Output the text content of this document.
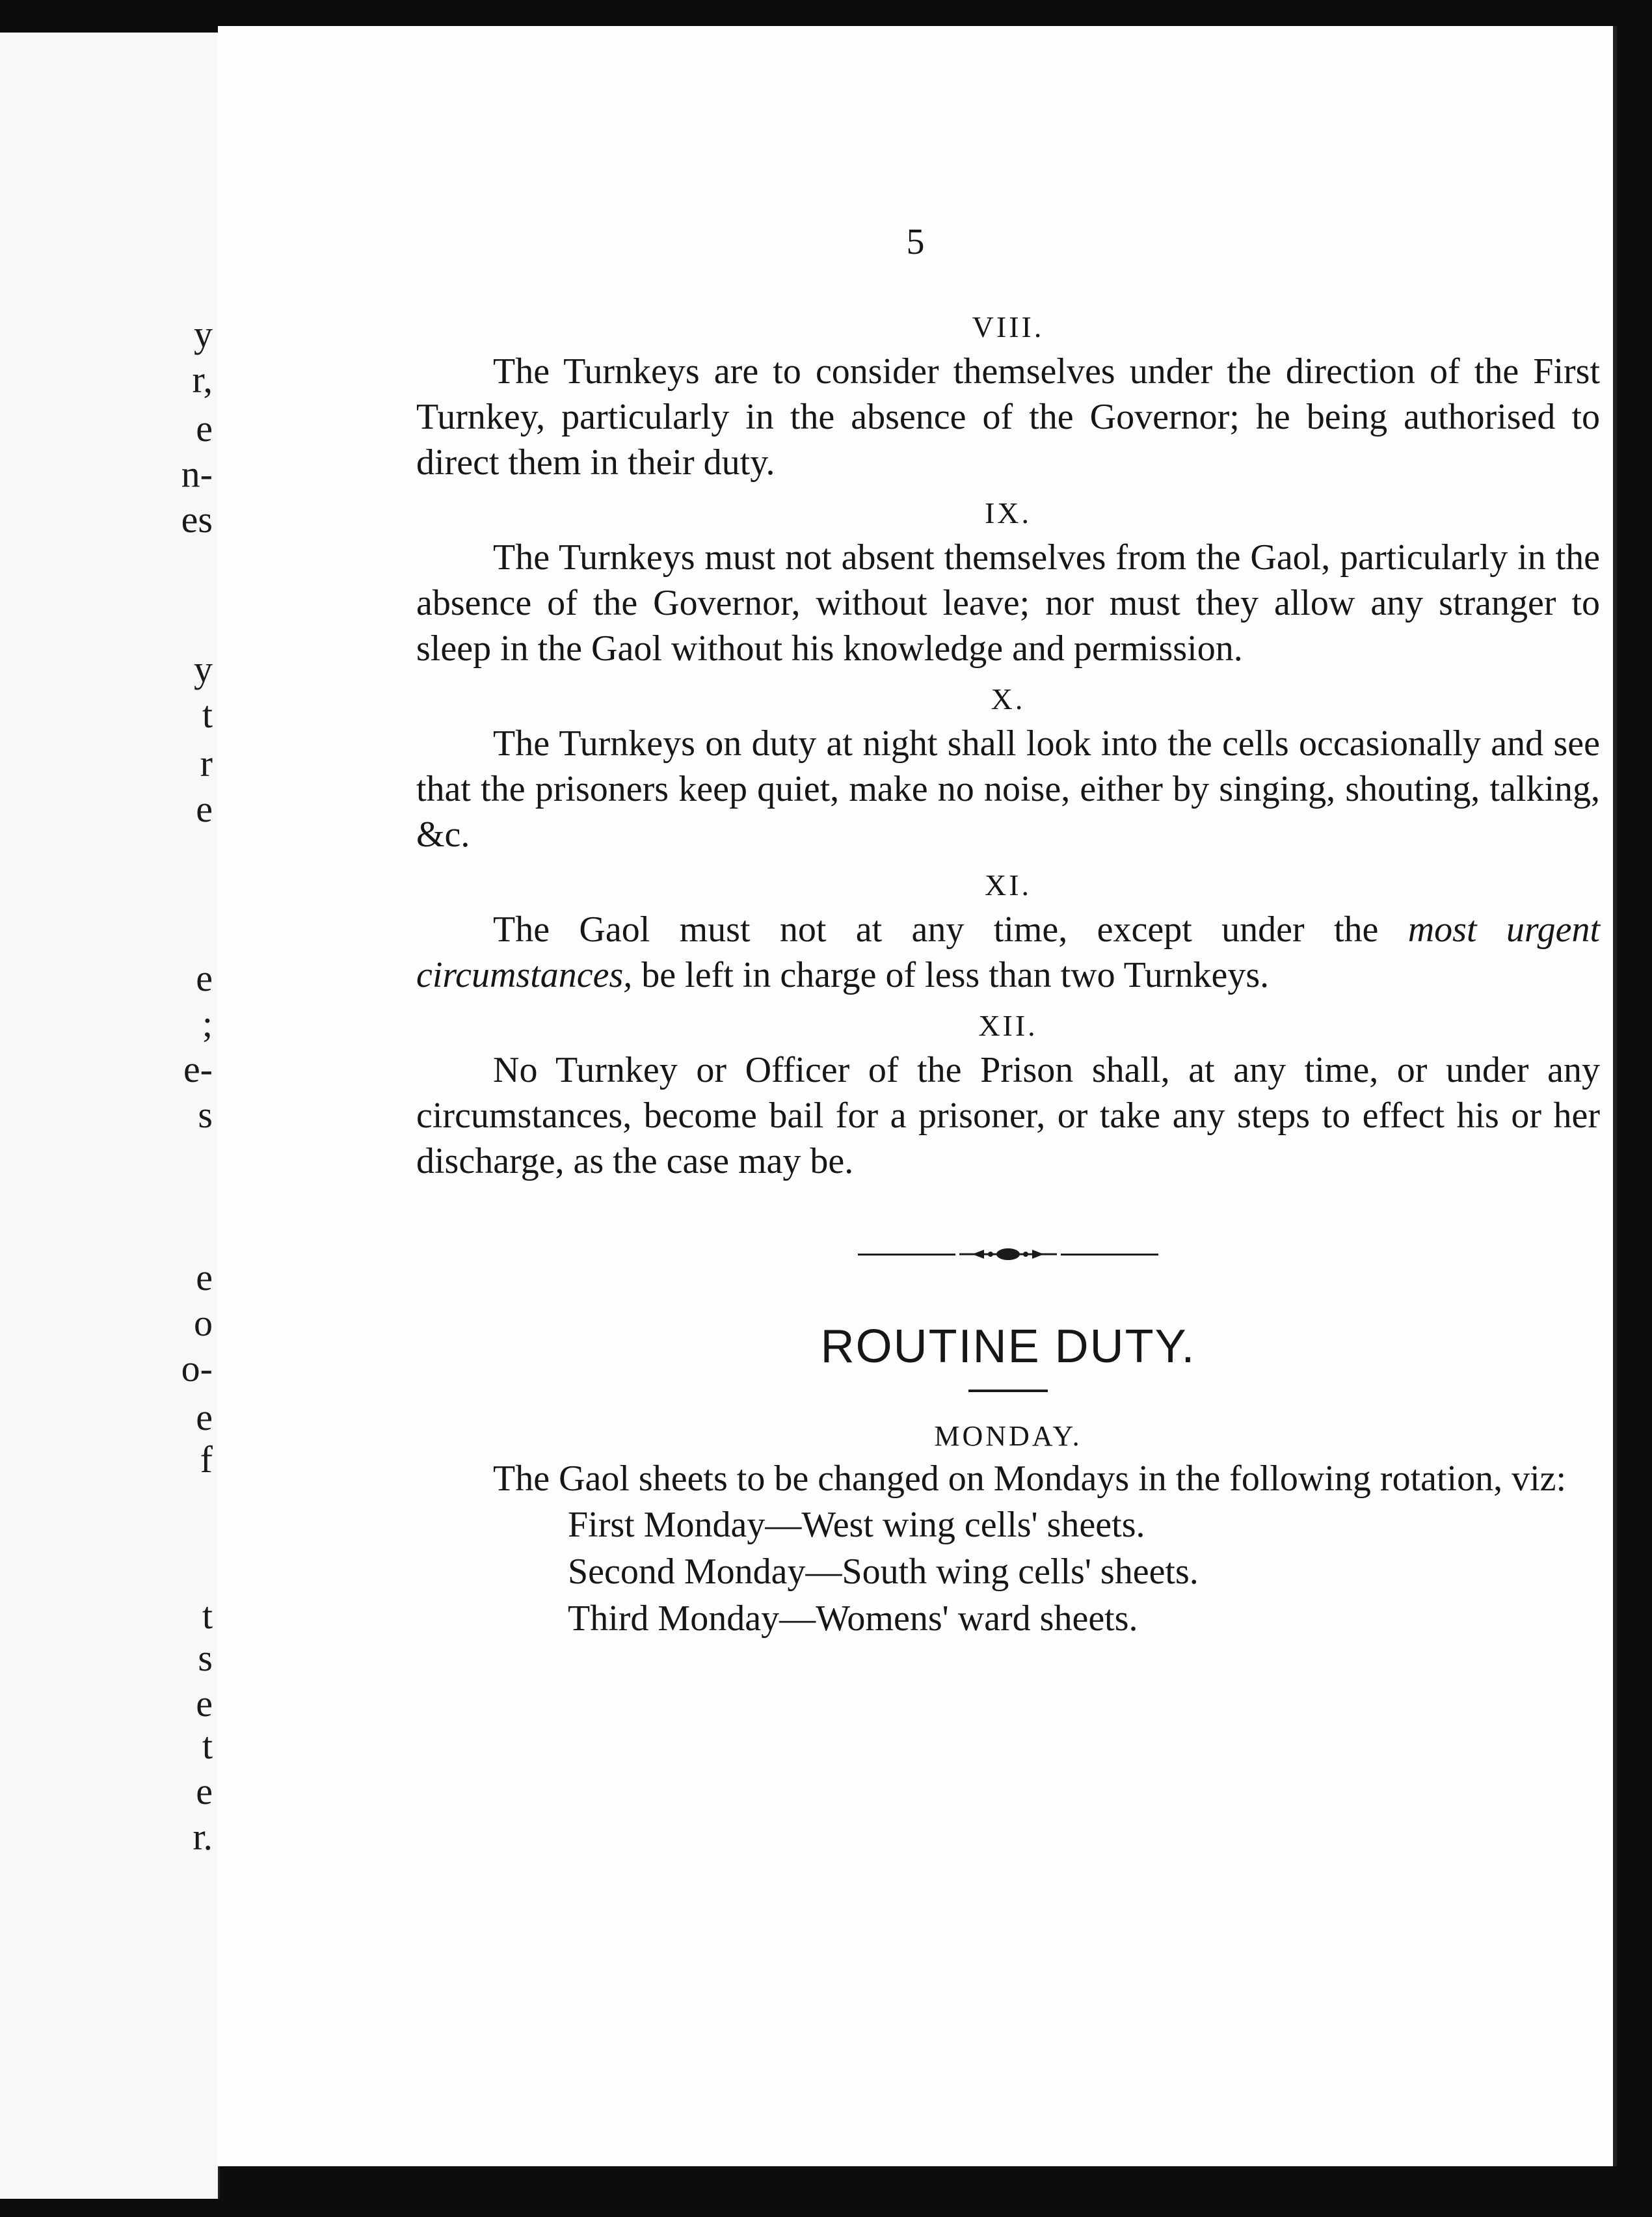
y
r,
e
n-
es
y
t
r
e
e
;
e-
s
e
o
o-
e
f
t
s
e
t
e
r.
5
VIII.

The Turnkeys are to consider themselves under the direction of the First Turnkey, particularly in the absence of the Governor; he being authorised to direct them in their duty.

IX.

The Turnkeys must not absent themselves from the Gaol, particularly in the absence of the Governor, without leave; nor must they allow any stranger to sleep in the Gaol without his knowledge and permission.

X.

The Turnkeys on duty at night shall look into the cells occasionally and see that the prisoners keep quiet, make no noise, either by singing, shouting, talking, &c.

XI.

The Gaol must not at any time, except under the most urgent circumstances, be left in charge of less than two Turnkeys.

XII.

No Turnkey or Officer of the Prison shall, at any time, or under any circumstances, become bail for a prisoner, or take any steps to effect his or her discharge, as the case may be.

ROUTINE DUTY.
MONDAY.

The Gaol sheets to be changed on Mondays in the following rotation, viz:

First Monday—West wing cells' sheets.
Second Monday—South wing cells' sheets.
Third Monday—Womens' ward sheets.
